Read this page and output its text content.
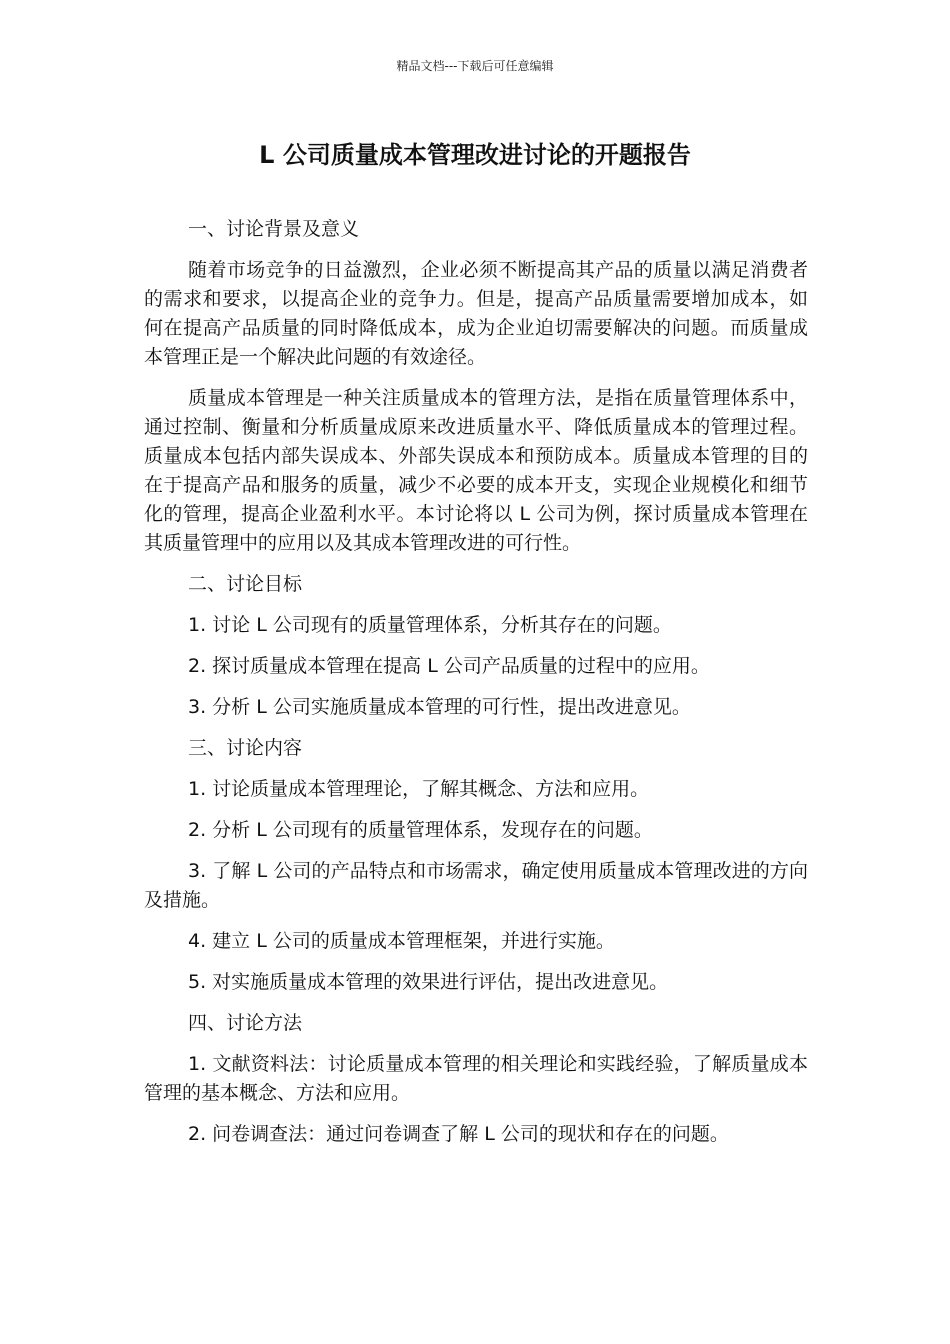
精品文档---下载后可任意编辑
L 公司质量成本管理改进讨论的开题报告

一、讨论背景及意义

随着市场竞争的日益激烈，企业必须不断提高其产品的质量以满足消费者的需求和要求，以提高企业的竞争力。但是，提高产品质量需要增加成本，如何在提高产品质量的同时降低成本，成为企业迫切需要解决的问题。而质量成本管理正是一个解决此问题的有效途径。

质量成本管理是一种关注质量成本的管理方法，是指在质量管理体系中，通过控制、衡量和分析质量成原来改进质量水平、降低质量成本的管理过程。质量成本包括内部失误成本、外部失误成本和预防成本。质量成本管理的目的在于提高产品和服务的质量，减少不必要的成本开支，实现企业规模化和细节化的管理，提高企业盈利水平。本讨论将以 L 公司为例，探讨质量成本管理在其质量管理中的应用以及其成本管理改进的可行性。

二、讨论目标

1. 讨论 L 公司现有的质量管理体系，分析其存在的问题。

2. 探讨质量成本管理在提高 L 公司产品质量的过程中的应用。

3. 分析 L 公司实施质量成本管理的可行性，提出改进意见。

三、讨论内容

1. 讨论质量成本管理理论，了解其概念、方法和应用。

2. 分析 L 公司现有的质量管理体系，发现存在的问题。

3. 了解 L 公司的产品特点和市场需求，确定使用质量成本管理改进的方向及措施。

4. 建立 L 公司的质量成本管理框架，并进行实施。

5. 对实施质量成本管理的效果进行评估，提出改进意见。

四、讨论方法

1. 文献资料法：讨论质量成本管理的相关理论和实践经验，了解质量成本管理的基本概念、方法和应用。

2. 问卷调查法：通过问卷调查了解 L 公司的现状和存在的问题。
